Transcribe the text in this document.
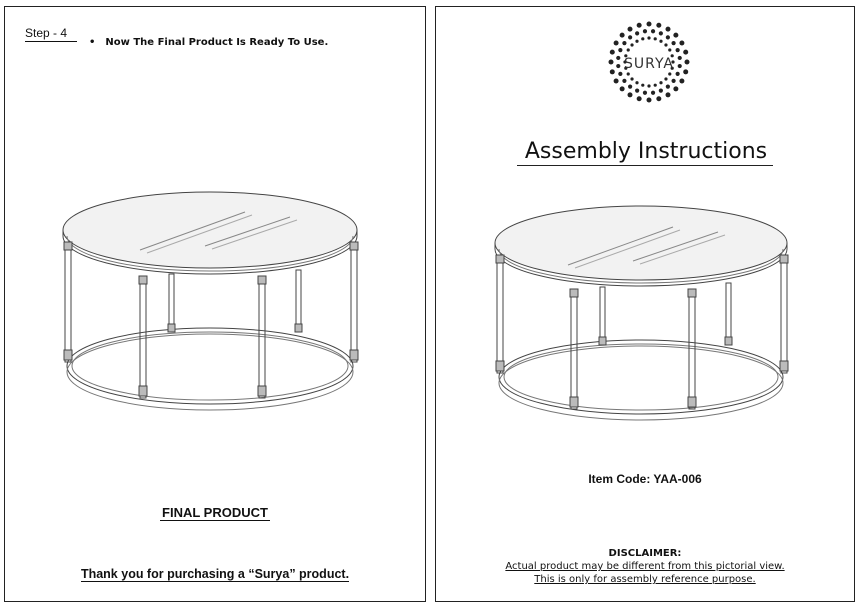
Step - 4
• Now The Final Product Is Ready To Use.
FINAL PRODUCT
Thank you for purchasing a “Surya” product.
SURYA
Assembly Instructions
Item Code: YAA-006
DISCLAIMER:
Actual product may be different from this pictorial view.
This is only for assembly reference purpose.
